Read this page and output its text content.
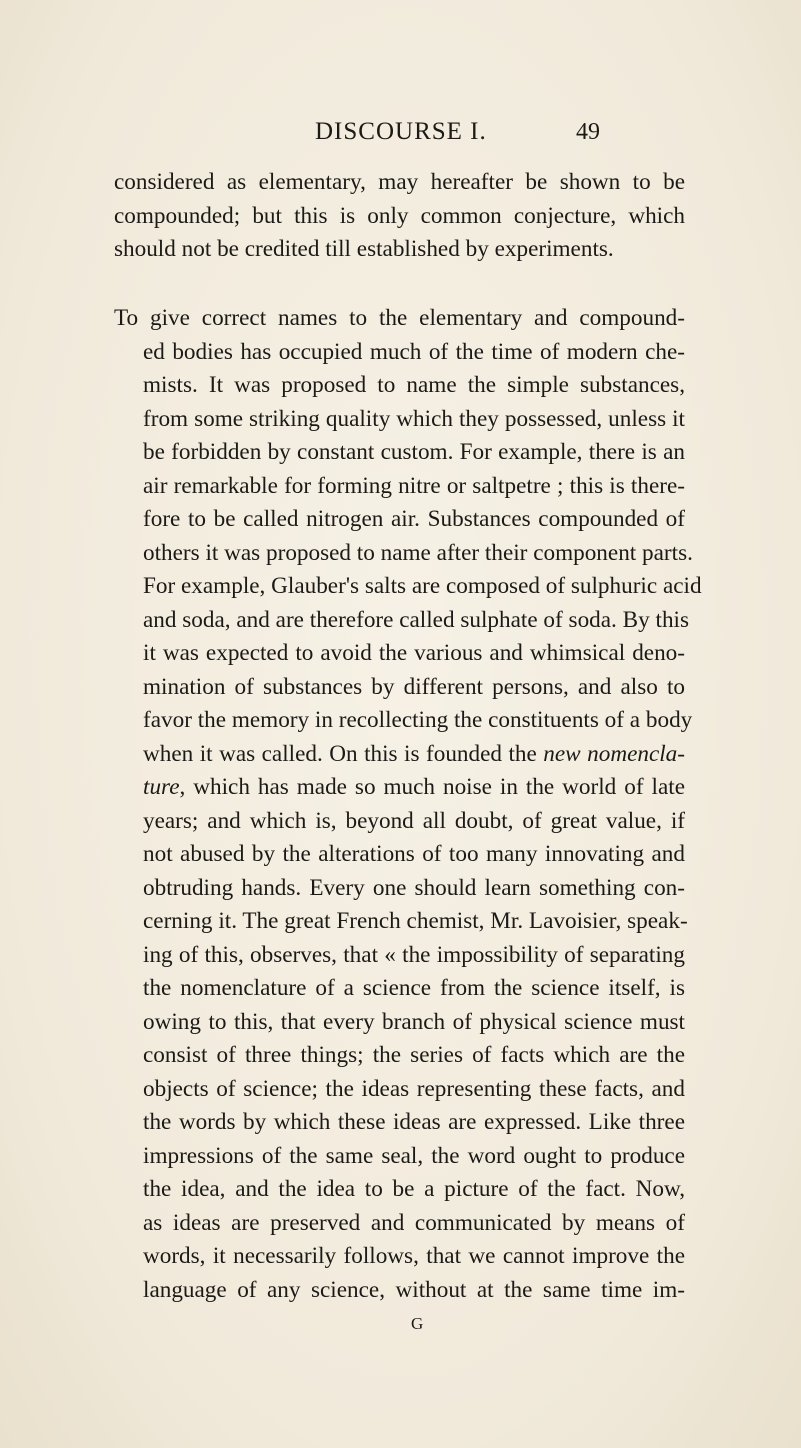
DISCOURSE I.	49

considered as elementary, may hereafter be shown to be
compounded; but this is only common conjecture, which
should not be credited till established by experiments.

To give correct names to the elementary and compound-
ed bodies has occupied much of the time of modern che-
mists. It was proposed to name the simple substances,
from some striking quality which they possessed, unless it
be forbidden by constant custom. For example, there is an
air remarkable for forming nitre or saltpetre ; this is there-
fore to be called nitrogen air. Substances compounded of
others it was proposed to name after their component parts.
For example, Glauber's salts are composed of sulphuric acid
and soda, and are therefore called sulphate of soda. By this
it was expected to avoid the various and whimsical deno-
mination of substances by different persons, and also to
favor the memory in recollecting the constituents of a body
when it was called. On this is founded the new nomencla-
ture, which has made so much noise in the world of late
years; and which is, beyond all doubt, of great value, if
not abused by the alterations of too many innovating and
obtruding hands. Every one should learn something con-
cerning it. The great French chemist, Mr. Lavoisier, speak-
ing of this, observes, that « the impossibility of separating
the nomenclature of a science from the science itself, is
owing to this, that every branch of physical science must
consist of three things; the series of facts which are the
objects of science; the ideas representing these facts, and
the words by which these ideas are expressed. Like three
impressions of the same seal, the word ought to produce
the idea, and the idea to be a picture of the fact. Now,
as ideas are preserved and communicated by means of
words, it necessarily follows, that we cannot improve the
language of any science, without at the same time im-

G
